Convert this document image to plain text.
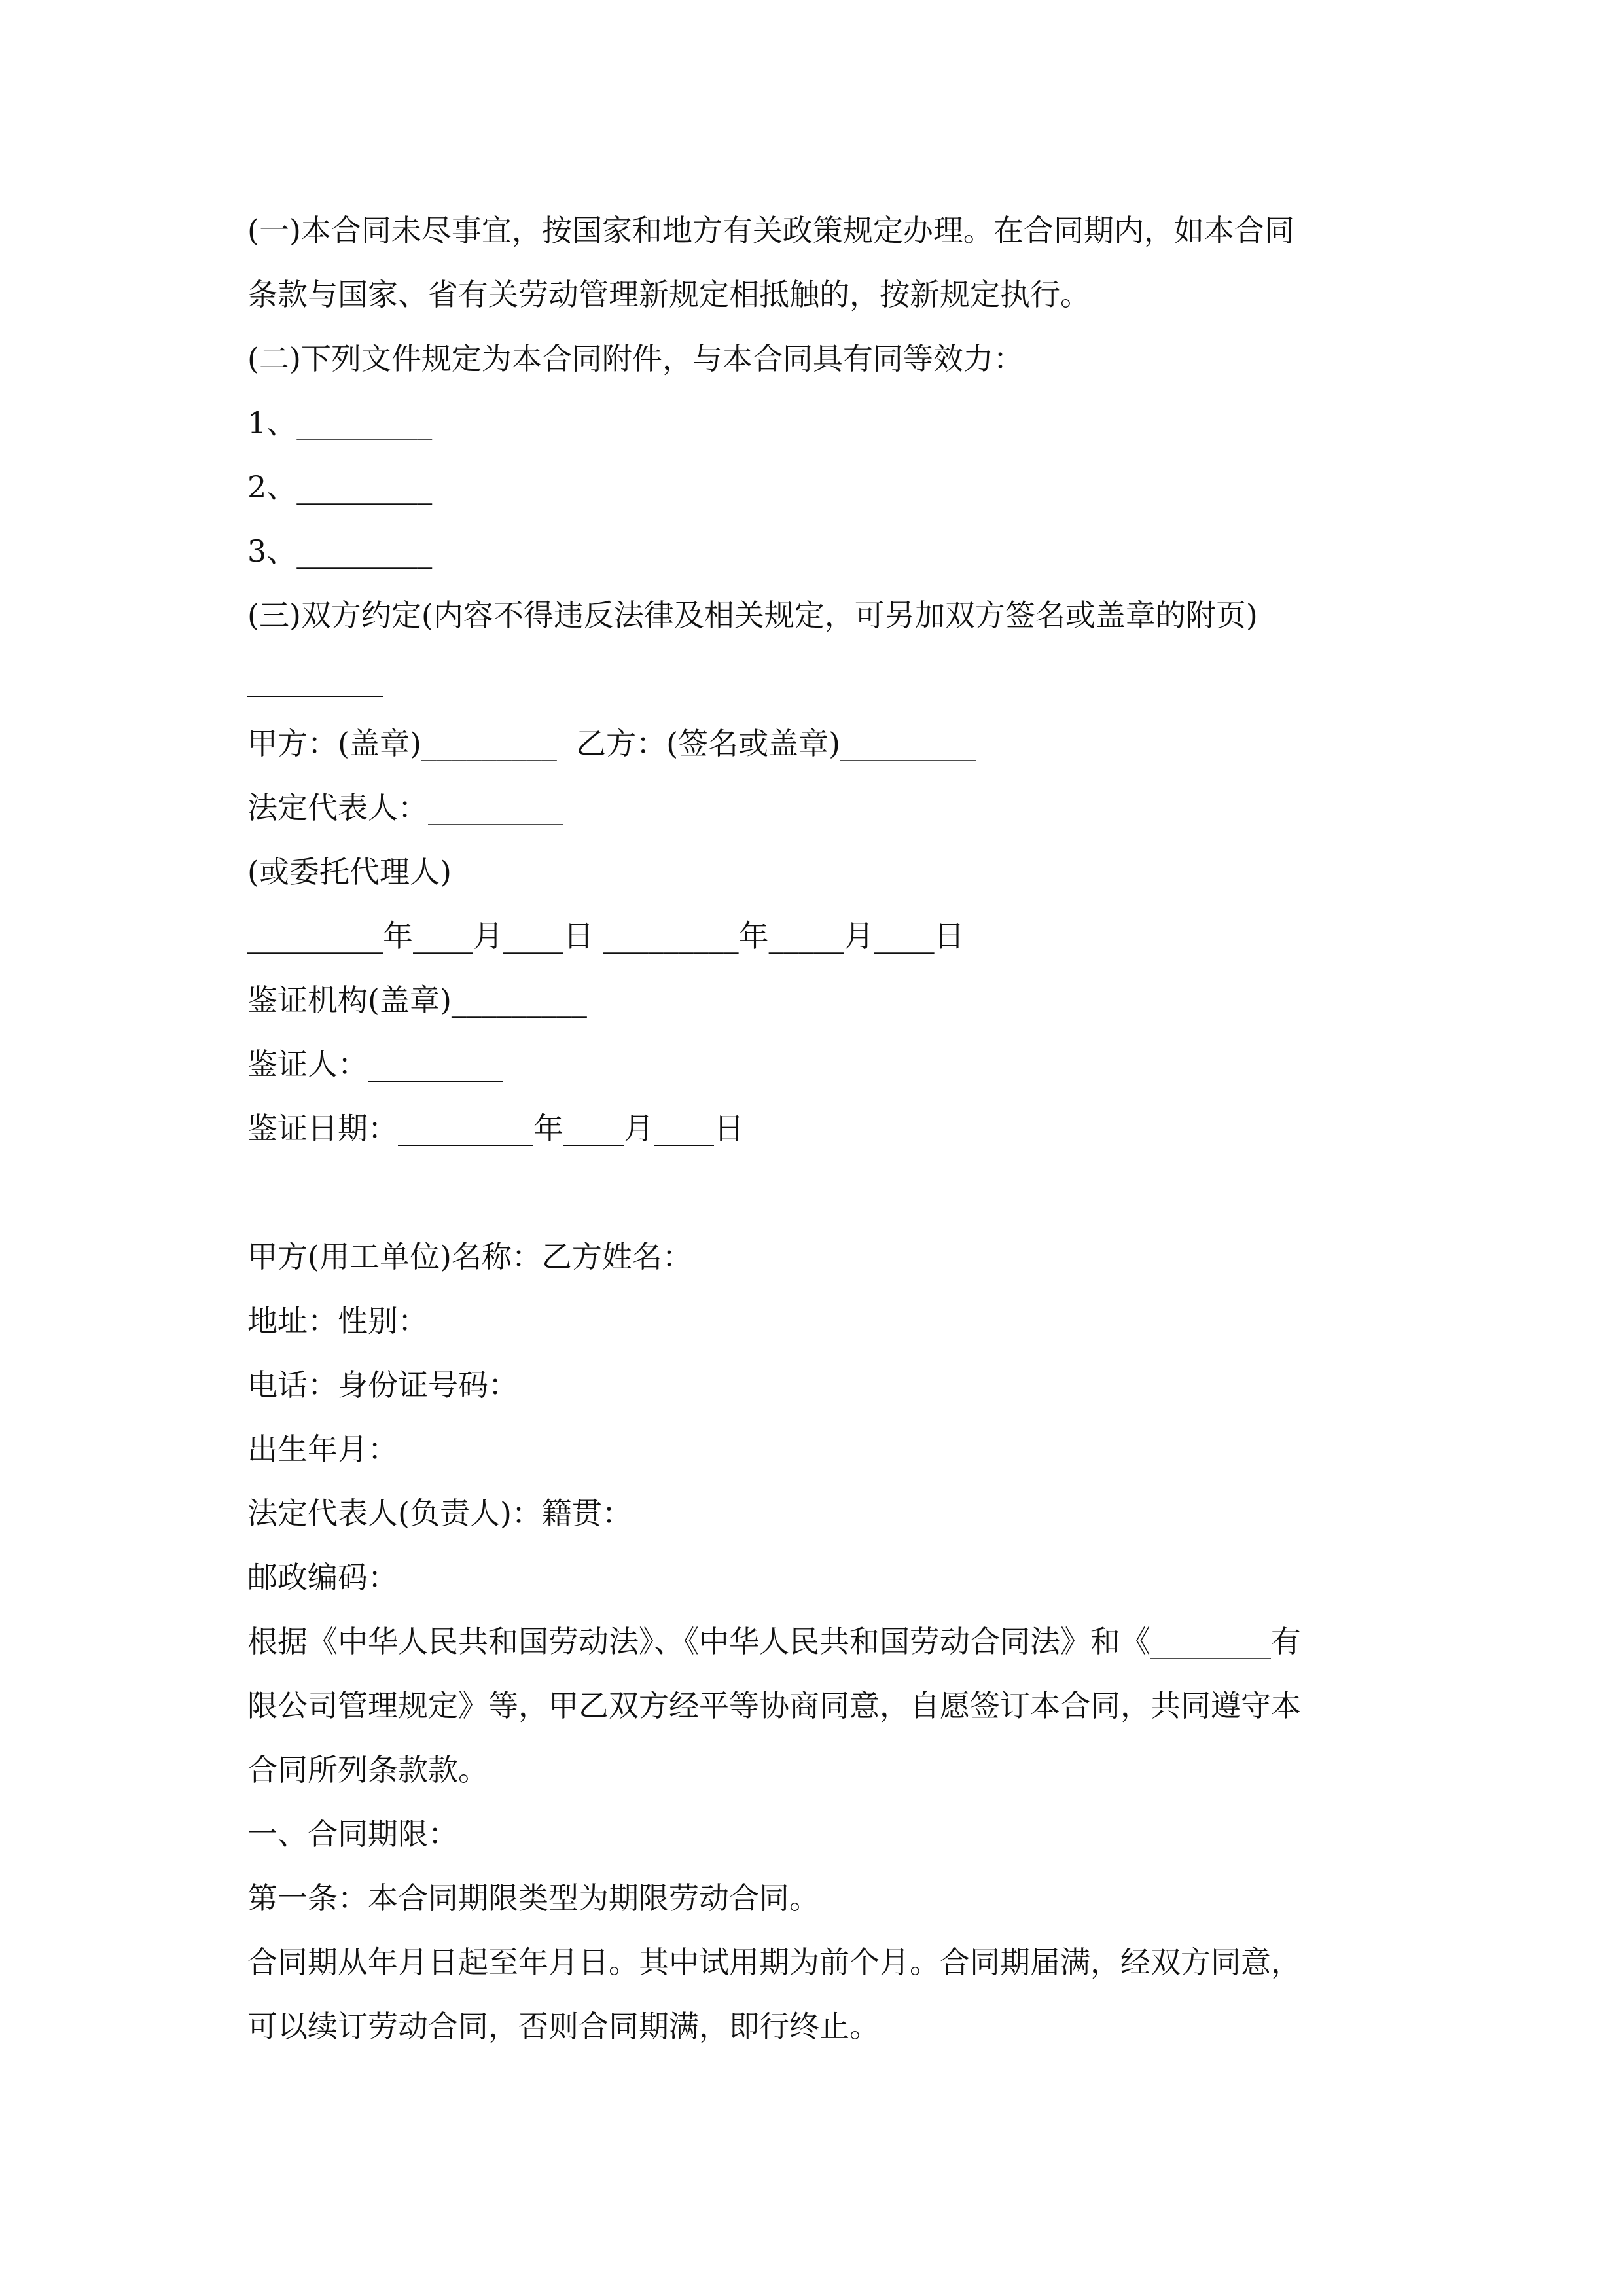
(一)本合同未尽事宜，按国家和地方有关政策规定办理。在合同期内，如本合同
条款与国家、省有关劳动管理新规定相抵触的，按新规定执行。
(二)下列文件规定为本合同附件，与本合同具有同等效力：
1、_________
2、_________
3、_________
(三)双方约定(内容不得违反法律及相关规定，可另加双方签名或盖章的附页)
_________
甲方：(盖章)_________  乙方：(签名或盖章)_________
法定代表人：_________
(或委托代理人)
_________年____月____日 _________年_____月____日
鉴证机构(盖章)_________
鉴证人：_________
鉴证日期：_________年____月____日
甲方(用工单位)名称：乙方姓名：
地址：性别：
电话：身份证号码：
出生年月：
法定代表人(负责人)：籍贯：
邮政编码：
根据《中华人民共和国劳动法》、《中华人民共和国劳动合同法》和《________有
限公司管理规定》等，甲乙双方经平等协商同意，自愿签订本合同，共同遵守本
合同所列条款款。
一、合同期限：
第一条：本合同期限类型为期限劳动合同。
合同期从年月日起至年月日。其中试用期为前个月。合同期届满，经双方同意，
可以续订劳动合同，否则合同期满，即行终止。
